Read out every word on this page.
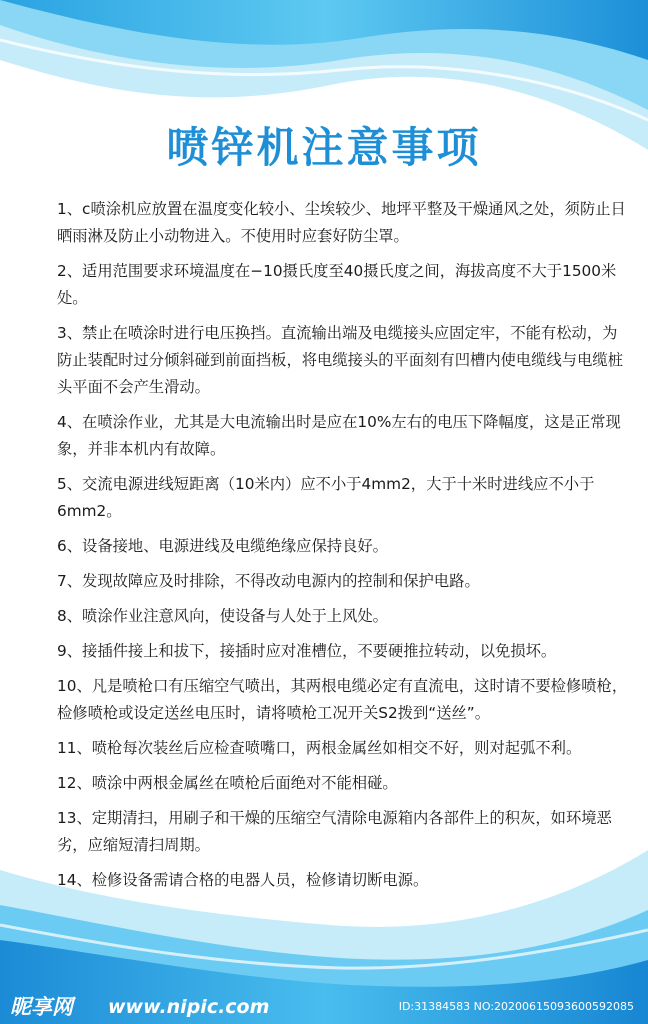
喷锌机注意事项
1、c喷涂机应放置在温度变化较小、尘埃较少、地坪平整及干燥通风之处，须防止日晒雨淋及防止小动物进入。不使用时应套好防尘罩。
2、适用范围要求环境温度在−10摄氏度至40摄氏度之间，海拔高度不大于1500米处。
3、禁止在喷涂时进行电压换挡。直流输出端及电缆接头应固定牢，不能有松动，为防止装配时过分倾斜碰到前面挡板，将电缆接头的平面刻有凹槽内使电缆线与电缆桩头平面不会产生滑动。
4、在喷涂作业，尤其是大电流输出时是应在10%左右的电压下降幅度，这是正常现象，并非本机内有故障。
5、交流电源进线短距离（10米内）应不小于4mm2，大于十米时进线应不小于6mm2。
6、设备接地、电源进线及电缆绝缘应保持良好。
7、发现故障应及时排除，不得改动电源内的控制和保护电路。
8、喷涂作业注意风向，使设备与人处于上风处。
9、接插件接上和拔下，接插时应对准槽位，不要硬推拉转动，以免损坏。
10、凡是喷枪口有压缩空气喷出，其两根电缆必定有直流电，这时请不要检修喷枪，检修喷枪或设定送丝电压时，请将喷枪工况开关S2拨到“送丝”。
11、喷枪每次装丝后应检查喷嘴口，两根金属丝如相交不好，则对起弧不利。
12、喷涂中两根金属丝在喷枪后面绝对不能相碰。
13、定期清扫，用刷子和干燥的压缩空气清除电源箱内各部件上的积灰，如环境恶劣，应缩短清扫周期。
14、检修设备需请合格的电器人员，检修请切断电源。
昵享网 www.nipic.com	ID:31384583 NO:20200615093600592085
